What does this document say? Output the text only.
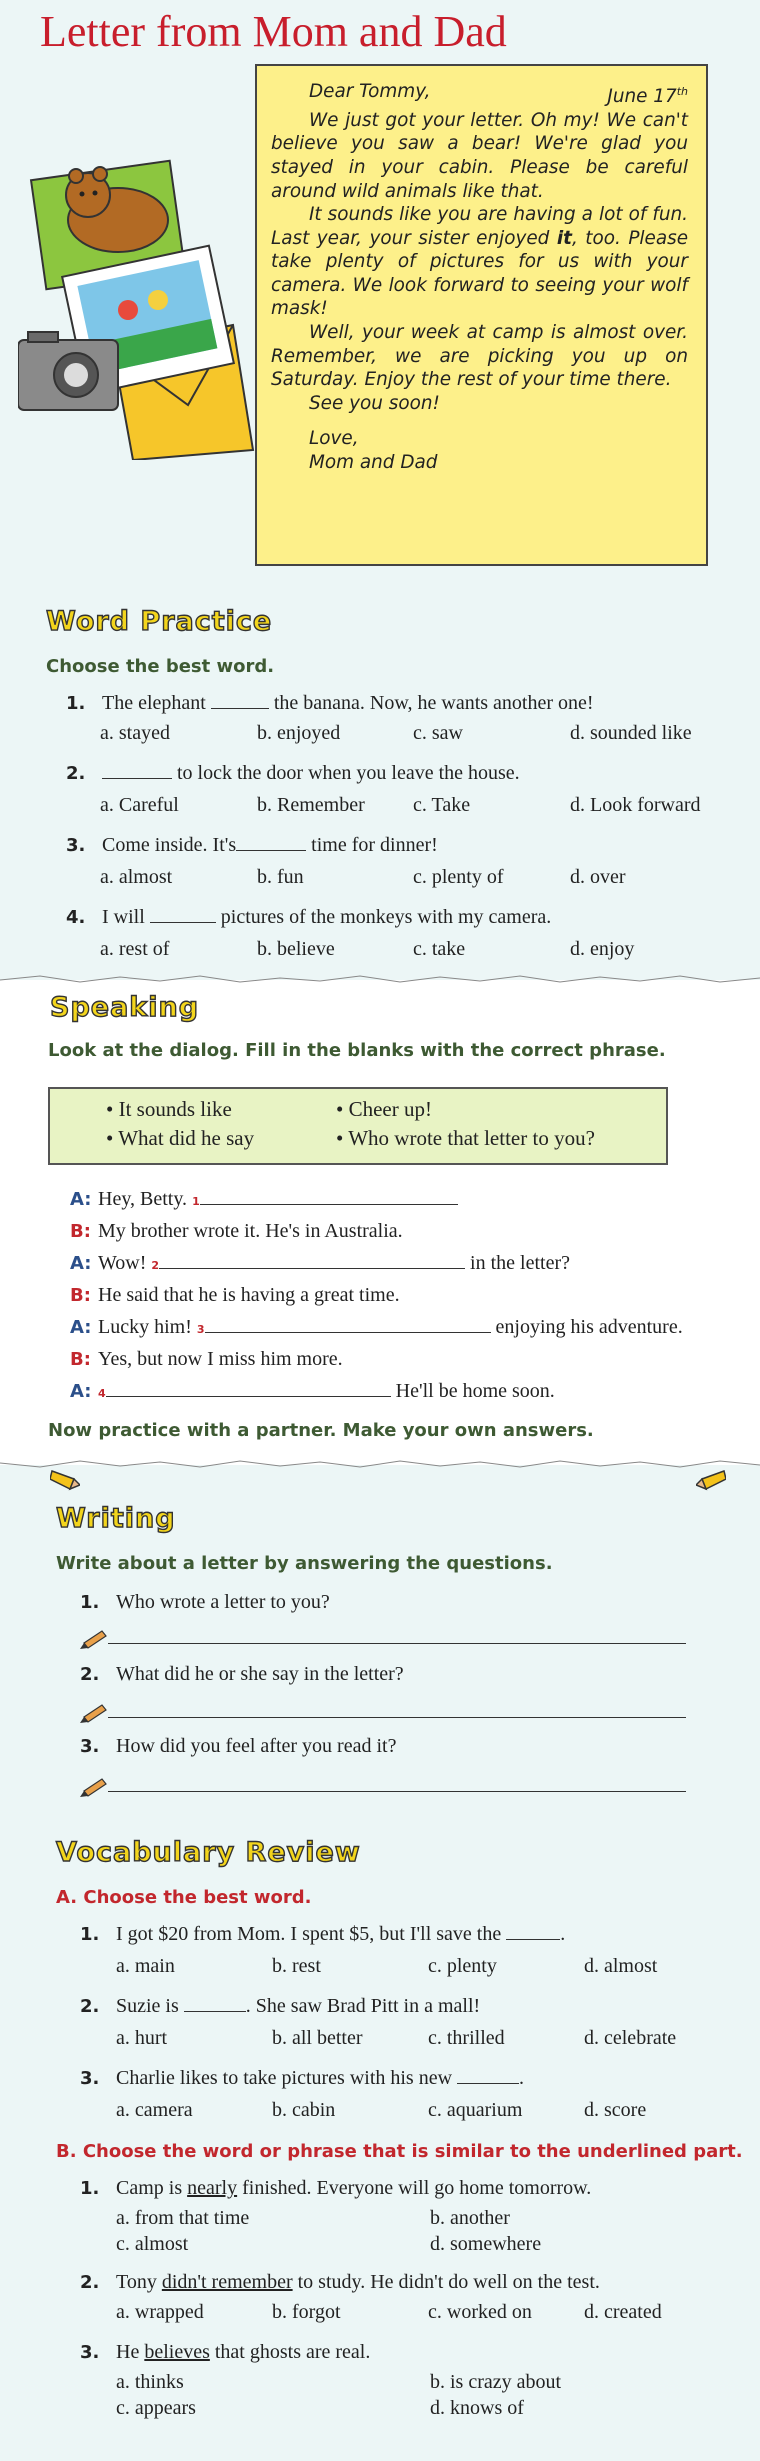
Letter from Mom and Dad
Dear Tommy,	June 17th

We just got your letter. Oh my! We can't believe you saw a bear! We're glad you stayed in your cabin. Please be careful around wild animals like that.

It sounds like you are having a lot of fun. Last year, your sister enjoyed it, too. Please take plenty of pictures for us with your camera. We look forward to seeing your wolf mask!

Well, your week at camp is almost over. Remember, we are picking you up on Saturday. Enjoy the rest of your time there.

See you soon!
Love,
Mom and Dad
Word Practice
Choose the best word.
1. The elephant	the banana. Now, he wants another one!
a. stayed	b. enjoyed	c. saw	d. sounded like
2.	to lock the door when you leave the house.
a. Careful	b. Remember c. Take	d. Look forward
3. Come inside. It's	time for dinner!
a. almost	b. fun	c. plenty of	d. over
4. I will	pictures of the monkeys with my camera.
a. rest of	b. believe	c. take	d. enjoy
Speaking
Look at the dialog. Fill in the blanks with the correct phrase.
• It sounds like	• Cheer up!
• What did he say	• Who wrote that letter to you?
A: Hey, Betty. 1
B: My brother wrote it. He's in Australia.
A: Wow! 2	in the letter?
B: He said that he is having a great time.
A: Lucky him! 3	enjoying his adventure.
B: Yes, but now I miss him more.
A: 4	He'll be home soon.
Now practice with a partner. Make your own answers.
Writing
Write about a letter by answering the questions.
1. Who wrote a letter to you?
2. What did he or she say in the letter?
3. How did you feel after you read it?
Vocabulary Review
A. Choose the best word.
1. I got $20 from Mom. I spent $5, but I'll save the	.
a. main	b. rest	c. plenty	d. almost
2. Suzie is	. She saw Brad Pitt in a mall!
a. hurt	b. all better	c. thrilled	d. celebrate
3. Charlie likes to take pictures with his new	.
a. camera	b. cabin	c. aquarium	d. score
B. Choose the word or phrase that is similar to the underlined part.
1. Camp is nearly finished. Everyone will go home tomorrow.
a. from that time	b. another
c. almost	d. somewhere
2. Tony didn't remember to study. He didn't do well on the test.
a. wrapped	b. forgot	c. worked on	d. created
3. He believes that ghosts are real.
a. thinks	b. is crazy about
c. appears	d. knows of
